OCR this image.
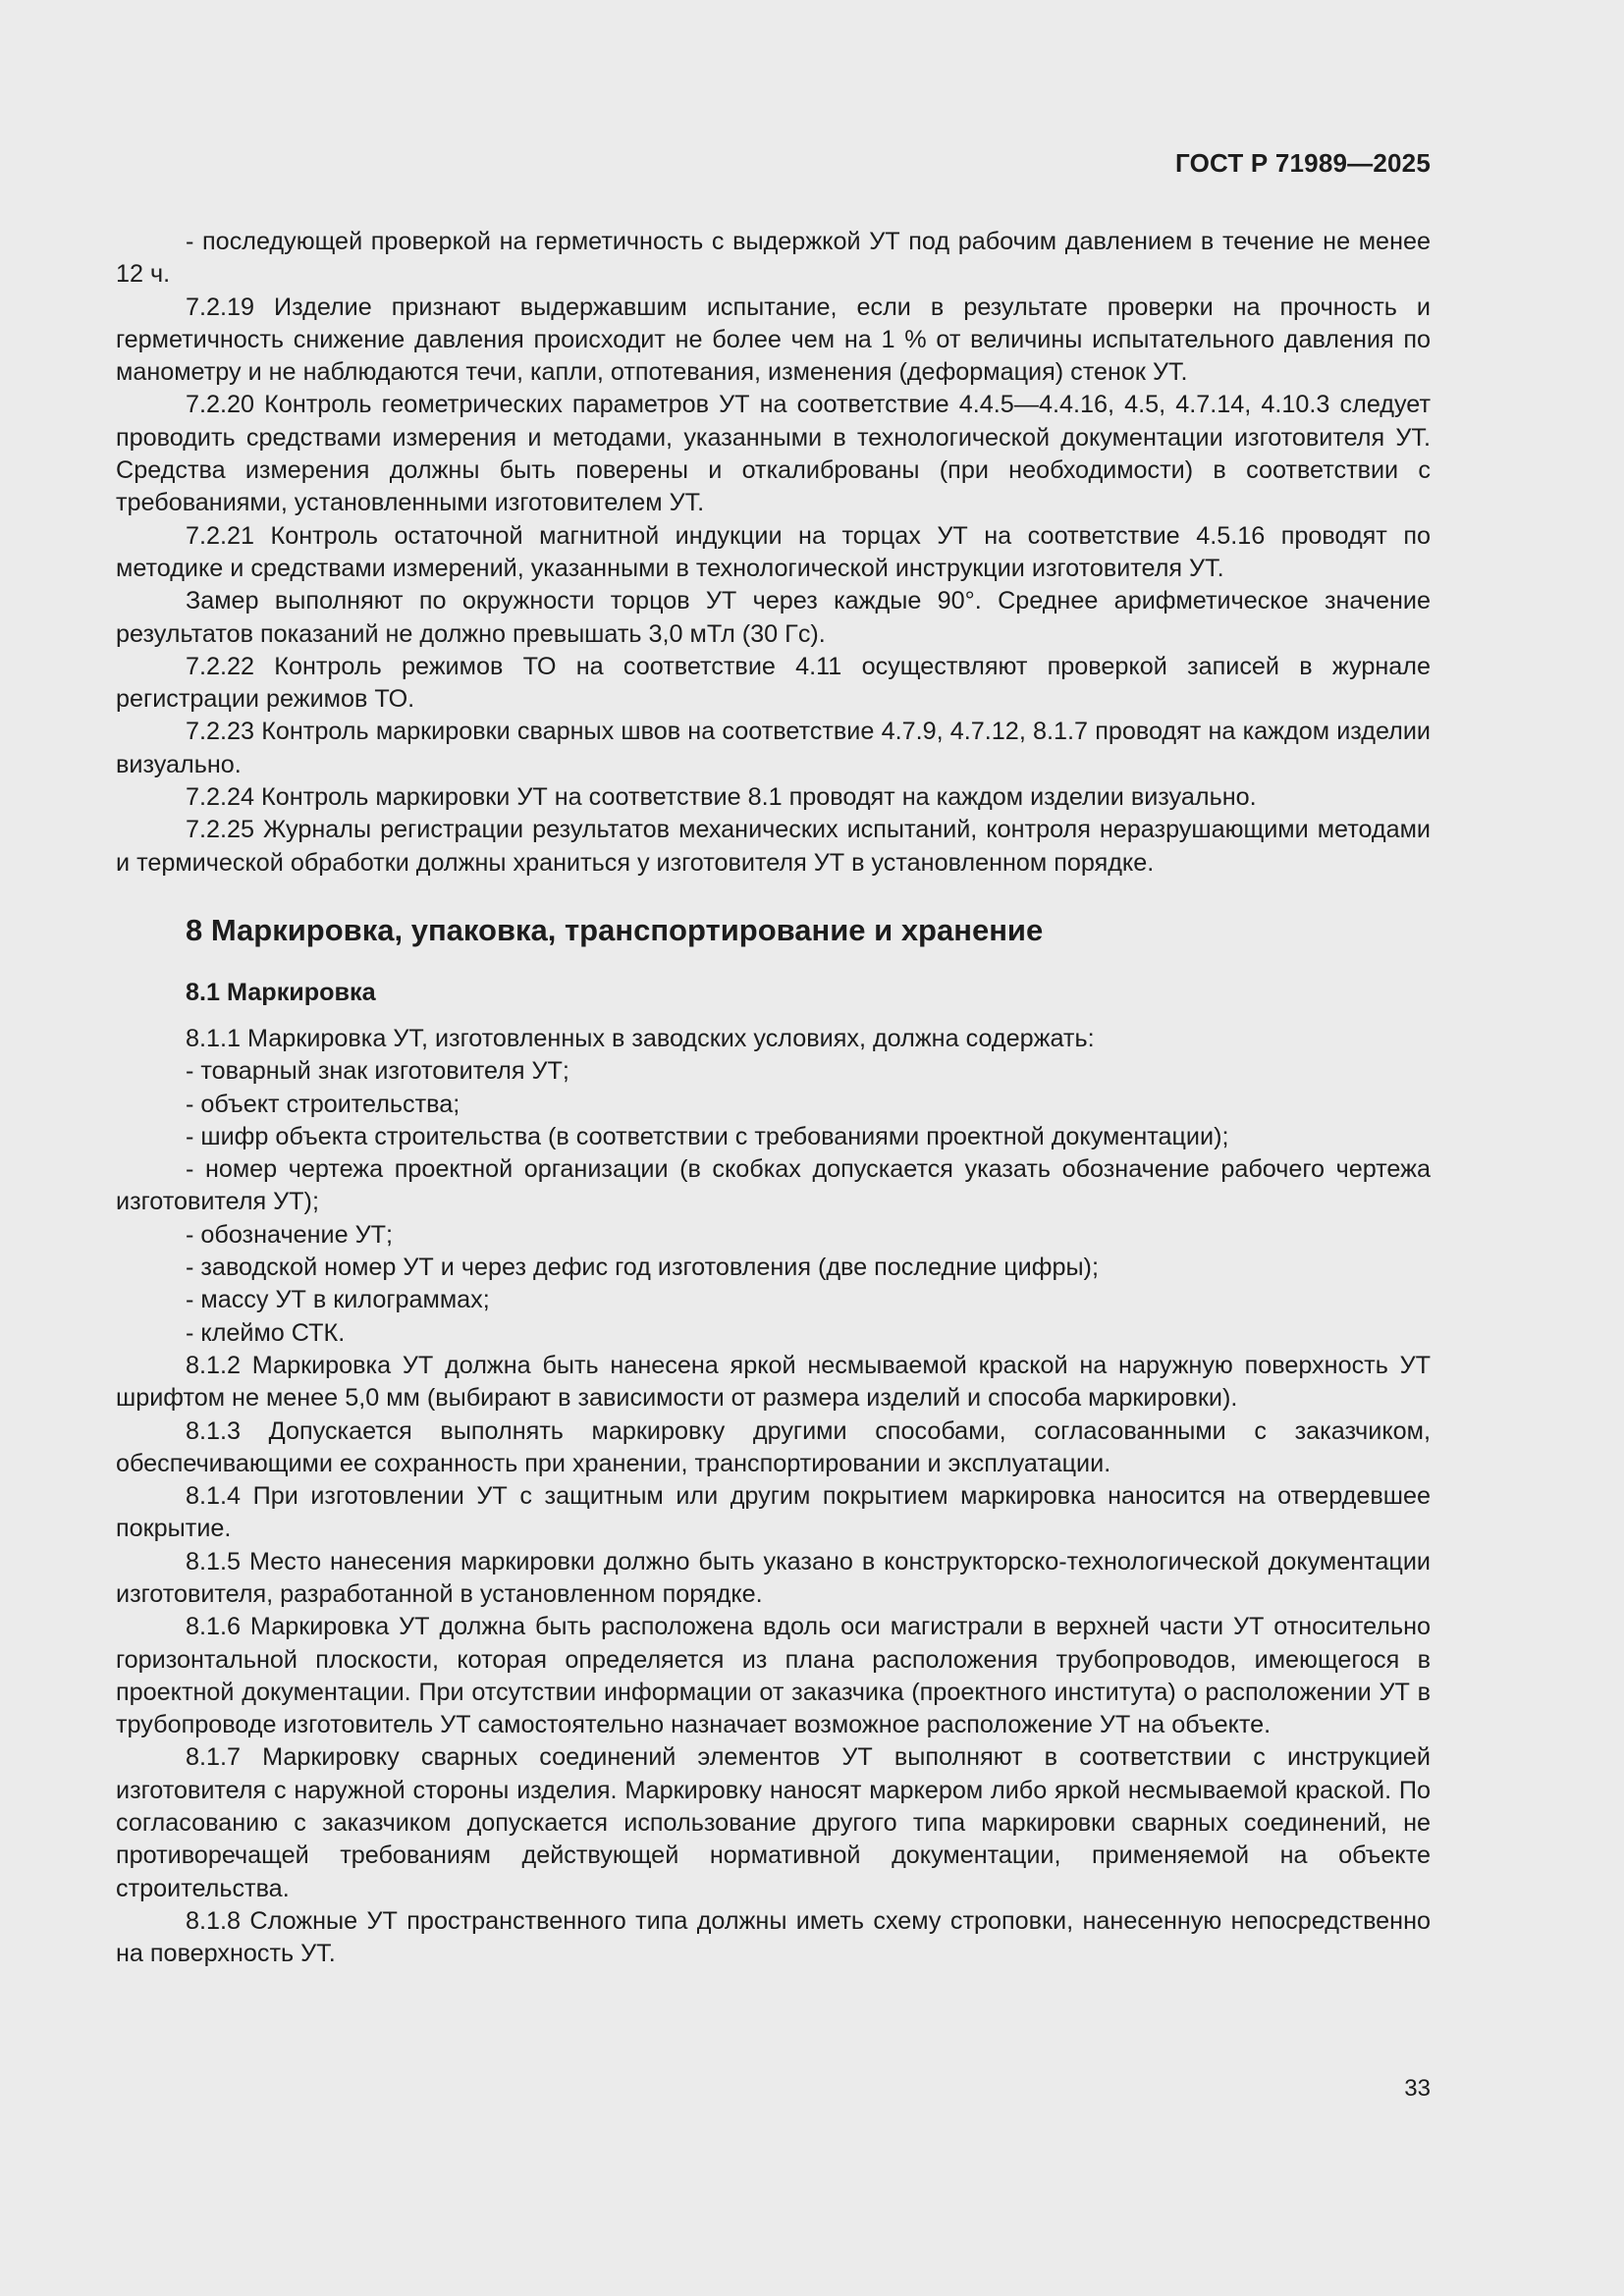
ГОСТ Р 71989—2025

- последующей проверкой на герметичность с выдержкой УТ под рабочим давлением в течение не менее 12 ч.

7.2.19 Изделие признают выдержавшим испытание, если в результате проверки на прочность и герметичность снижение давления происходит не более чем на 1 % от величины испытательного давления по манометру и не наблюдаются течи, капли, отпотевания, изменения (деформация) стенок УТ.

7.2.20 Контроль геометрических параметров УТ на соответствие 4.4.5—4.4.16, 4.5, 4.7.14, 4.10.3 следует проводить средствами измерения и методами, указанными в технологической документации изготовителя УТ. Средства измерения должны быть поверены и откалиброваны (при необходимости) в соответствии с требованиями, установленными изготовителем УТ.

7.2.21 Контроль остаточной магнитной индукции на торцах УТ на соответствие 4.5.16 проводят по методике и средствами измерений, указанными в технологической инструкции изготовителя УТ.

Замер выполняют по окружности торцов УТ через каждые 90°. Среднее арифметическое значение результатов показаний не должно превышать 3,0 мТл (30 Гс).

7.2.22 Контроль режимов ТО на соответствие 4.11 осуществляют проверкой записей в журнале регистрации режимов ТО.

7.2.23 Контроль маркировки сварных швов на соответствие 4.7.9, 4.7.12, 8.1.7 проводят на каждом изделии визуально.

7.2.24 Контроль маркировки УТ на соответствие 8.1 проводят на каждом изделии визуально.

7.2.25 Журналы регистрации результатов механических испытаний, контроля неразрушающими методами и термической обработки должны храниться у изготовителя УТ в установленном порядке.

8 Маркировка, упаковка, транспортирование и хранение
8.1 Маркировка

8.1.1 Маркировка УТ, изготовленных в заводских условиях, должна содержать:

- товарный знак изготовителя УТ;

- объект строительства;

- шифр объекта строительства (в соответствии с требованиями проектной документации);

- номер чертежа проектной организации (в скобках допускается указать обозначение рабочего чертежа изготовителя УТ);

- обозначение УТ;

- заводской номер УТ и через дефис год изготовления (две последние цифры);

- массу УТ в килограммах;

- клеймо СТК.

8.1.2 Маркировка УТ должна быть нанесена яркой несмываемой краской на наружную поверхность УТ шрифтом не менее 5,0 мм (выбирают в зависимости от размера изделий и способа маркировки).

8.1.3 Допускается выполнять маркировку другими способами, согласованными с заказчиком, обеспечивающими ее сохранность при хранении, транспортировании и эксплуатации.

8.1.4 При изготовлении УТ с защитным или другим покрытием маркировка наносится на отвердевшее покрытие.

8.1.5 Место нанесения маркировки должно быть указано в конструкторско-технологической документации изготовителя, разработанной в установленном порядке.

8.1.6 Маркировка УТ должна быть расположена вдоль оси магистрали в верхней части УТ относительно горизонтальной плоскости, которая определяется из плана расположения трубопроводов, имеющегося в проектной документации. При отсутствии информации от заказчика (проектного института) о расположении УТ в трубопроводе изготовитель УТ самостоятельно назначает возможное расположение УТ на объекте.

8.1.7 Маркировку сварных соединений элементов УТ выполняют в соответствии с инструкцией изготовителя с наружной стороны изделия. Маркировку наносят маркером либо яркой несмываемой краской. По согласованию с заказчиком допускается использование другого типа маркировки сварных соединений, не противоречащей требованиям действующей нормативной документации, применяемой на объекте строительства.

8.1.8 Сложные УТ пространственного типа должны иметь схему строповки, нанесенную непосредственно на поверхность УТ.

33
